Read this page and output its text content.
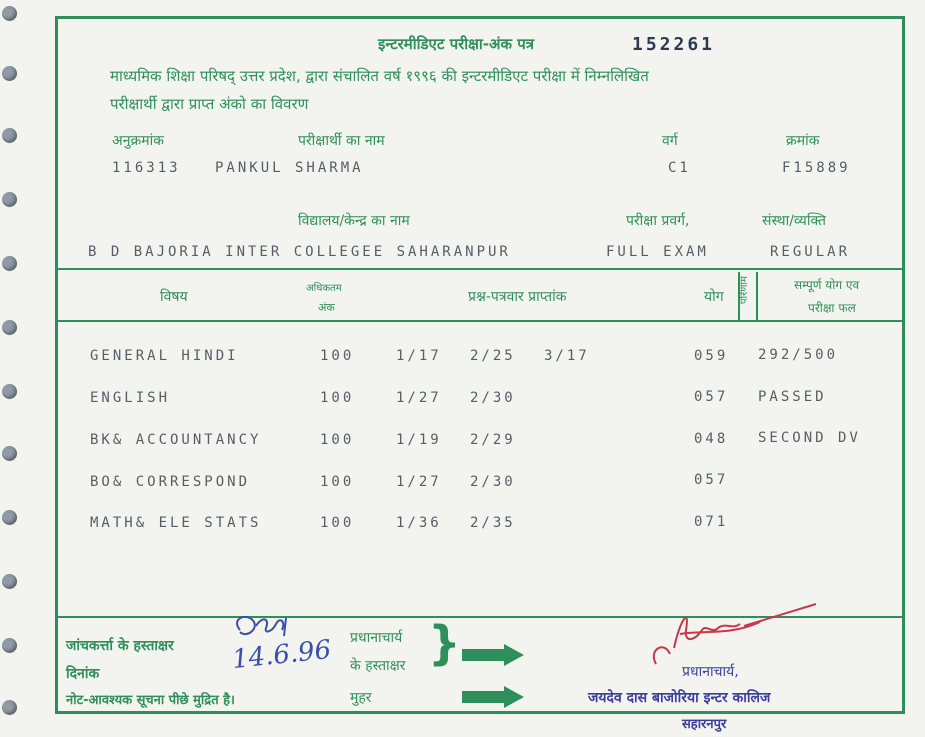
इन्टरमीडिएट परीक्षा-अंक पत्र	152261
माध्यमिक शिक्षा परिषद् उत्तर प्रदेश, द्वारा संचालित वर्ष १९९६ की इन्टरमीडिएट परीक्षा में निम्नलिखित
परीक्षार्थी द्वारा प्राप्त अंको का विवरण
अनुक्रमांक	परीक्षार्थी का नाम	वर्ग	क्रमांक
116313 PANKUL SHARMA	C1	F15889
विद्यालय/केन्द्र का नाम	परीक्षा प्रवर्ग,	संस्था/व्यक्ति
B D BAJORIA INTER COLLEGEE SAHARANPUR	FULL EXAM	REGULAR
विषय
अधिकतम
अंक
प्रश्न-पत्रवार प्राप्तांक	योग परिणाम	सम्पूर्ण योग एव
परीक्षा फल
GENERAL HINDI	100	1/17 2/25 3/17	059 292/500
ENGLISH	100	1/27 2/30	057 PASSED
BK& ACCOUNTANCY	100	1/19 2/29	048 SECOND DV
BO& CORRESPOND	100	1/27 2/30	057
MATH& ELE STATS	100	1/36 2/35	071
जांचकर्त्ता के हस्ताक्षर
दिनांक
नोट-आवश्यक सूचना पीछे मुद्रित है।
14.6.96 प्रधानाचार्य
के हस्ताक्षर }
मुहर
प्रधानाचार्य,
जयदेव दास बाजोरिया इन्टर कालिज
सहारनपुर
